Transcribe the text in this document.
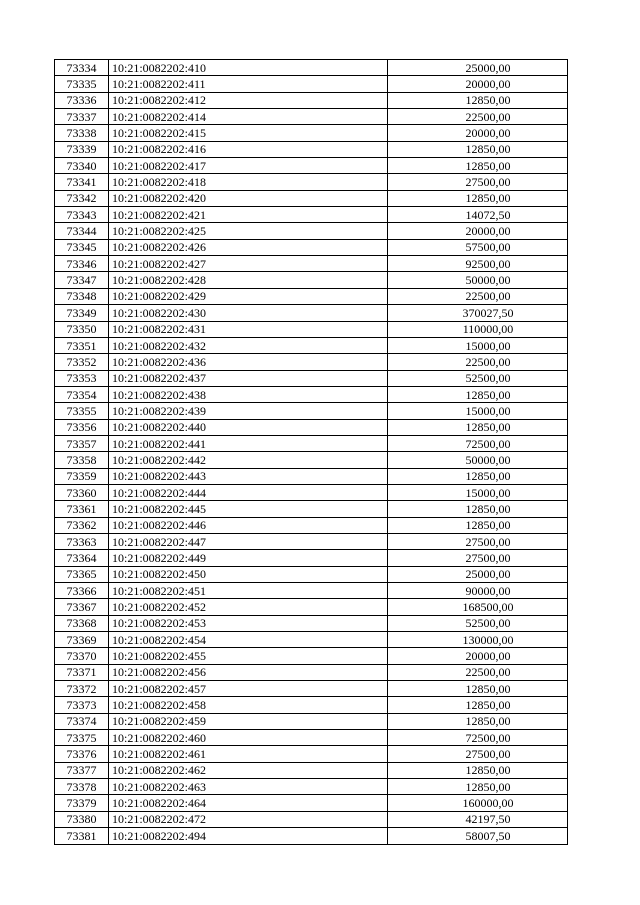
73334	10:21:0082202:410	25000,00
73335	10:21:0082202:411	20000,00
73336	10:21:0082202:412	12850,00
73337	10:21:0082202:414	22500,00
73338	10:21:0082202:415	20000,00
73339	10:21:0082202:416	12850,00
73340	10:21:0082202:417	12850,00
73341	10:21:0082202:418	27500,00
73342	10:21:0082202:420	12850,00
73343	10:21:0082202:421	14072,50
73344	10:21:0082202:425	20000,00
73345	10:21:0082202:426	57500,00
73346	10:21:0082202:427	92500,00
73347	10:21:0082202:428	50000,00
73348	10:21:0082202:429	22500,00
73349	10:21:0082202:430	370027,50
73350	10:21:0082202:431	110000,00
73351	10:21:0082202:432	15000,00
73352	10:21:0082202:436	22500,00
73353	10:21:0082202:437	52500,00
73354	10:21:0082202:438	12850,00
73355	10:21:0082202:439	15000,00
73356	10:21:0082202:440	12850,00
73357	10:21:0082202:441	72500,00
73358	10:21:0082202:442	50000,00
73359	10:21:0082202:443	12850,00
73360	10:21:0082202:444	15000,00
73361	10:21:0082202:445	12850,00
73362	10:21:0082202:446	12850,00
73363	10:21:0082202:447	27500,00
73364	10:21:0082202:449	27500,00
73365	10:21:0082202:450	25000,00
73366	10:21:0082202:451	90000,00
73367	10:21:0082202:452	168500,00
73368	10:21:0082202:453	52500,00
73369	10:21:0082202:454	130000,00
73370	10:21:0082202:455	20000,00
73371	10:21:0082202:456	22500,00
73372	10:21:0082202:457	12850,00
73373	10:21:0082202:458	12850,00
73374	10:21:0082202:459	12850,00
73375	10:21:0082202:460	72500,00
73376	10:21:0082202:461	27500,00
73377	10:21:0082202:462	12850,00
73378	10:21:0082202:463	12850,00
73379	10:21:0082202:464	160000,00
73380	10:21:0082202:472	42197,50
73381	10:21:0082202:494	58007,50
